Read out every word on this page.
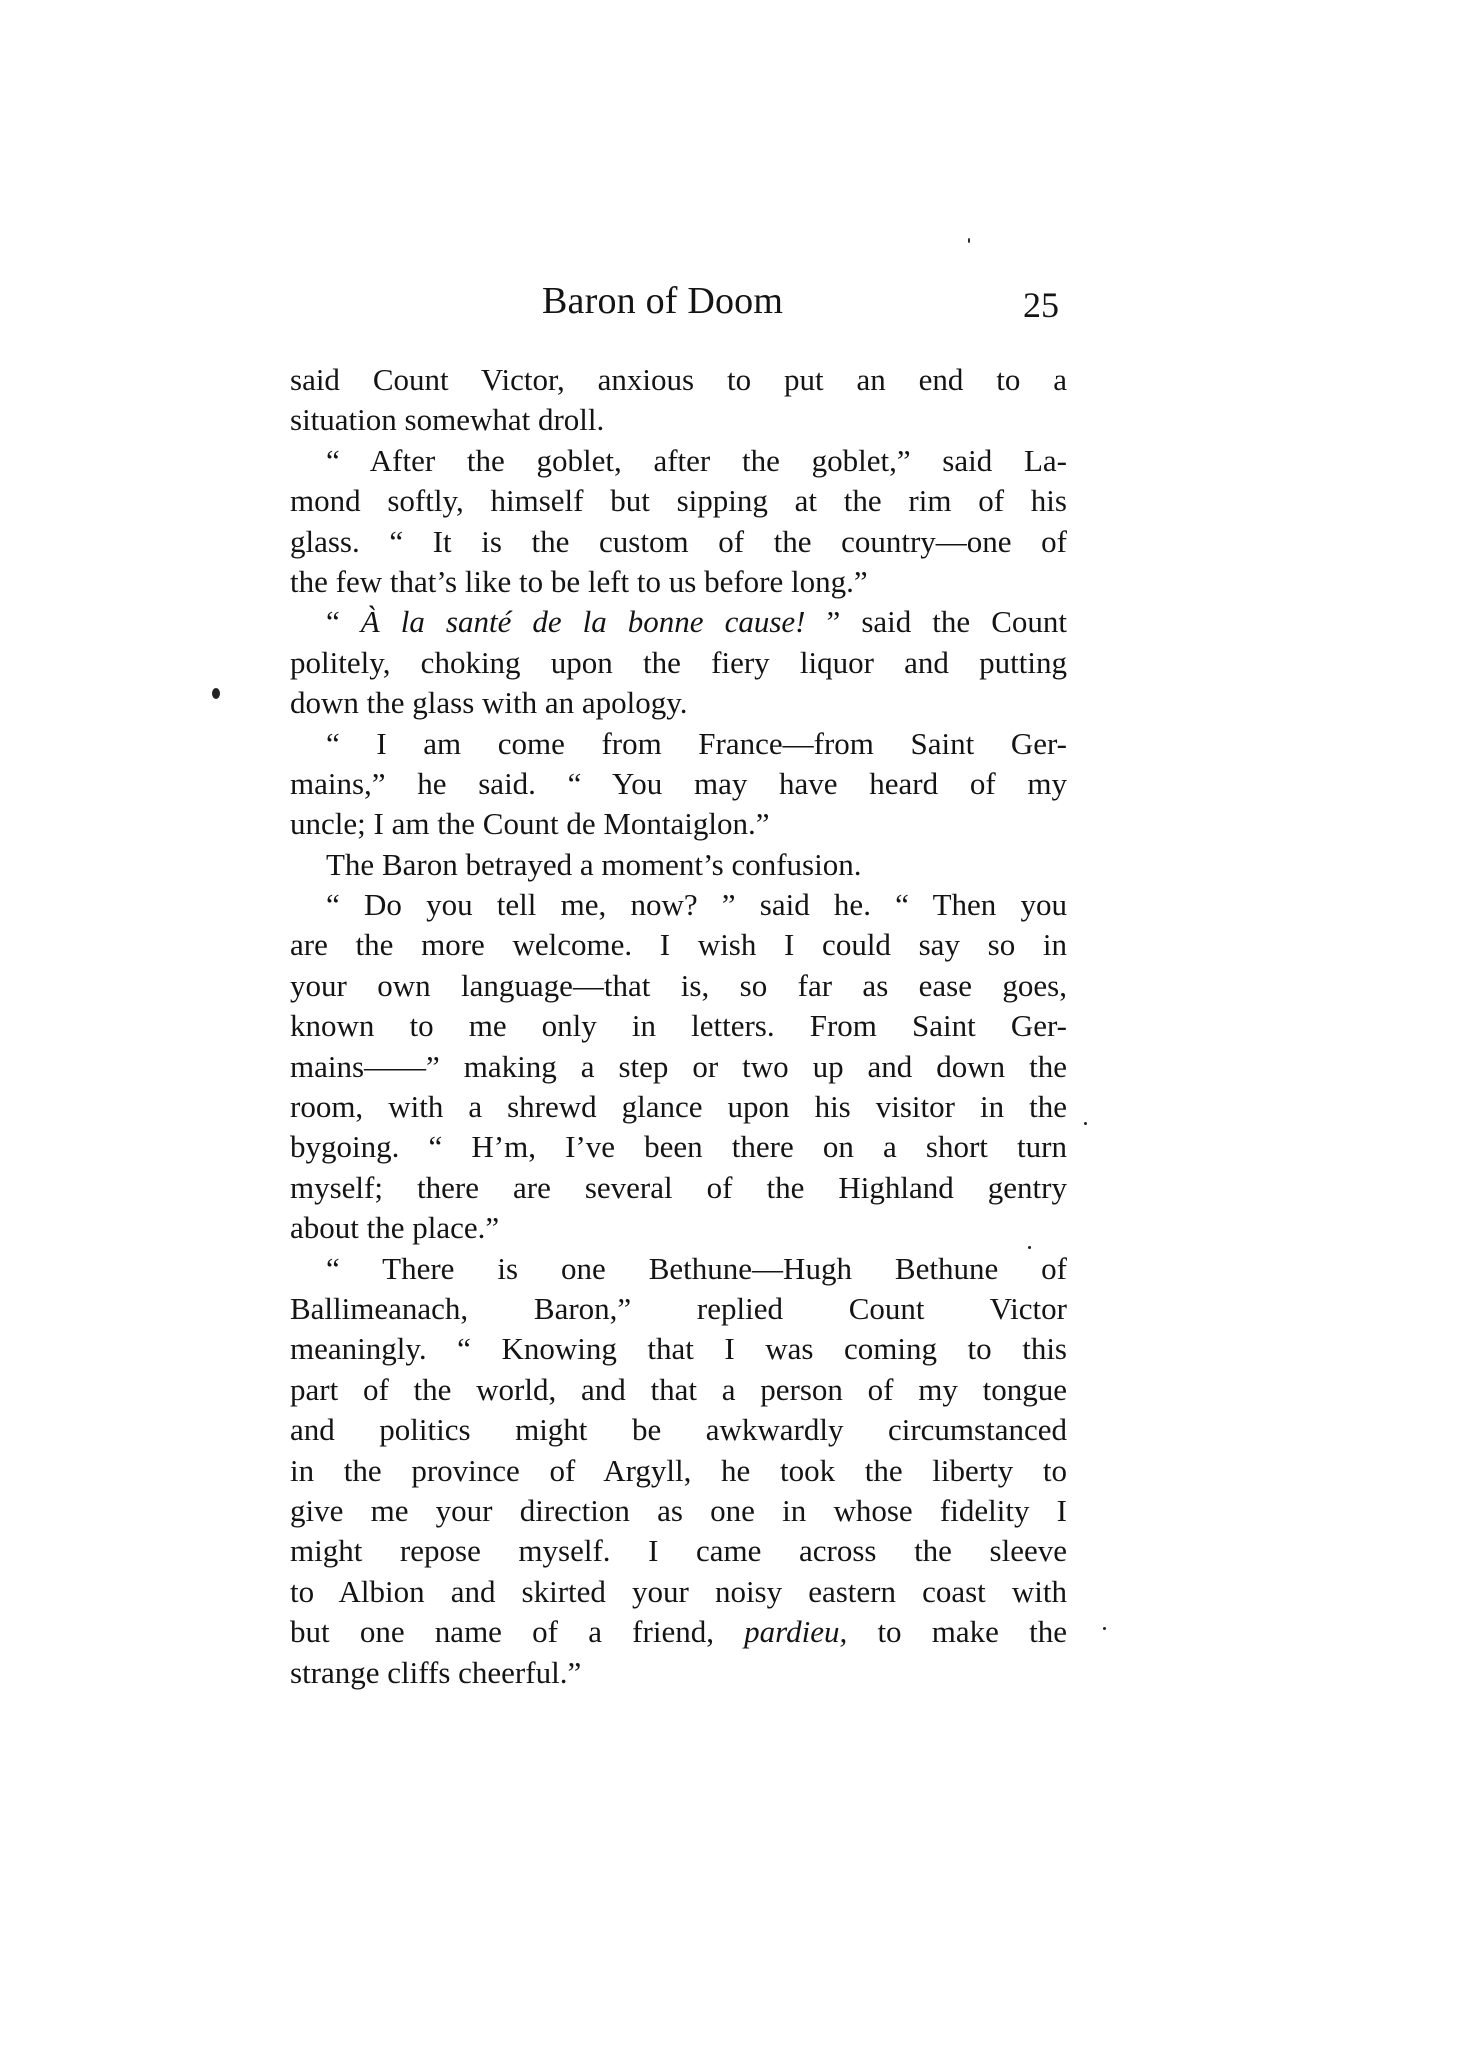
Baron of Doom	25
said Count Victor, anxious to put an end to a
situation somewhat droll.
“ After the goblet, after the goblet,” said La-
mond softly, himself but sipping at the rim of his
glass. “ It is the custom of the country—one of
the few that’s like to be left to us before long.”
“ À la santé de la bonne cause! ” said the Count
politely, choking upon the fiery liquor and putting
down the glass with an apology.
“ I am come from France—from Saint Ger-
mains,” he said. “ You may have heard of my
uncle; I am the Count de Montaiglon.”
The Baron betrayed a moment’s confusion.
“ Do you tell me, now? ” said he. “ Then you
are the more welcome. I wish I could say so in
your own language—that is, so far as ease goes,
known to me only in letters. From Saint Ger-
mains——” making a step or two up and down the
room, with a shrewd glance upon his visitor in the
bygoing. “ H’m, I’ve been there on a short turn
myself; there are several of the Highland gentry
about the place.”
“ There is one Bethune—Hugh Bethune of
Ballimeanach, Baron,” replied Count Victor
meaningly. “ Knowing that I was coming to this
part of the world, and that a person of my tongue
and politics might be awkwardly circumstanced
in the province of Argyll, he took the liberty to
give me your direction as one in whose fidelity I
might repose myself. I came across the sleeve
to Albion and skirted your noisy eastern coast with
but one name of a friend, pardieu, to make the
strange cliffs cheerful.”
